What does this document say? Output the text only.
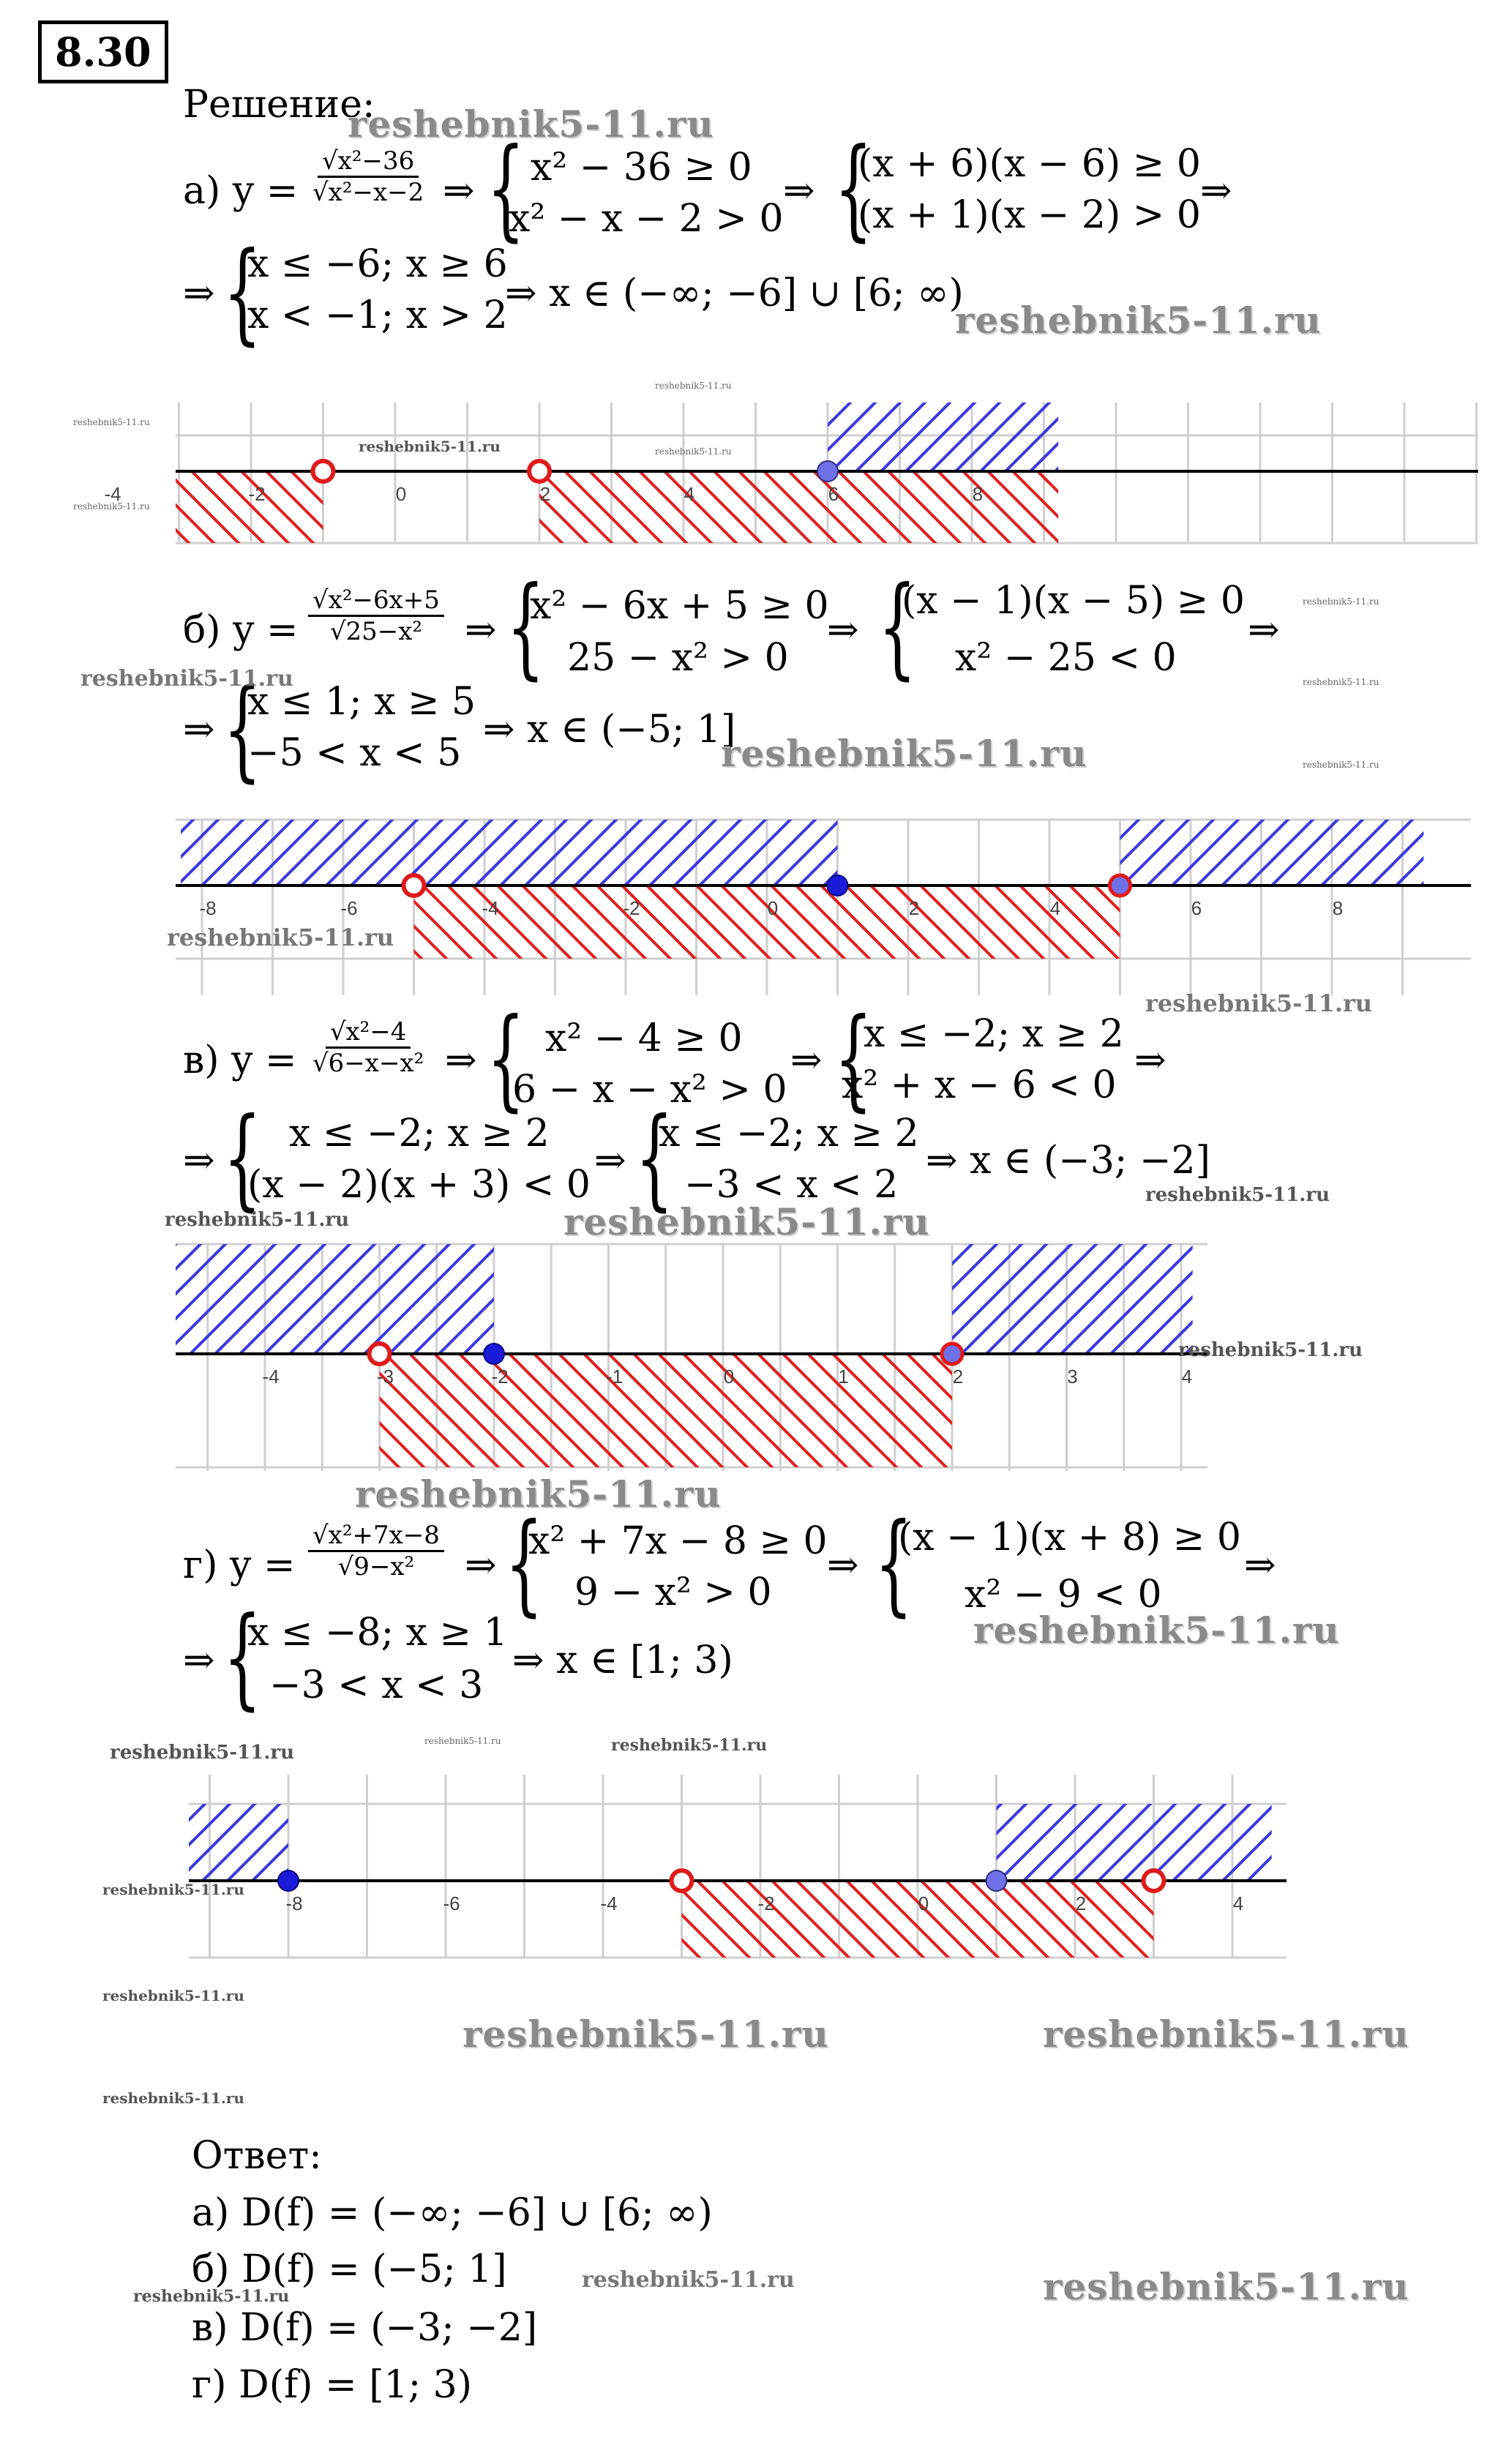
8.30
Решение:
а) $y = \frac{\text{√x²−36}}{\text{√x²−x−2}}$ ⇒ { x² − 36 ≥ 0
x² − x − 2 > 0
⇒ {
(x + 6)(x − 6) ≥ 0
(x + 1)(x − 2) > 0
⇒
⇒ {
x ≤ −6; x ≥ 6
x < −1; x > 2
⇒ x ∈ (−∞; −6] ∪ [6; ∞)
б) $y = \frac{\text{√x²−6x+5}}{\text{√25−x²}}$ ⇒ {
x² − 6x + 5 ≥ 0
25 − x² > 0
⇒ {
(x − 1)(x − 5) ≥ 0
x² − 25 < 0
⇒
⇒ {
x ≤ 1; x ≥ 5
−5 < x < 5
⇒ x ∈ (−5; 1]
в) $y = \frac{\text{√x²−4}}{\text{√6−x−x²}}$ ⇒ { x² − 4 ≥ 0
6 − x − x² > 0
⇒ {
x ≤ −2; x ≥ 2
x² + x − 6 < 0
⇒
⇒ { x ≤ −2; x ≥ 2
(x − 2)(x + 3) < 0
⇒ {
x ≤ −2; x ≥ 2
−3 < x < 2
⇒ x ∈ (−3; −2]
г) $y = \frac{\text{√x²+7x−8}}{\text{√9−x²}}$ ⇒ {
x² + 7x − 8 ≥ 0
9 − x² > 0
⇒ {
(x − 1)(x + 8) ≥ 0
x² − 9 < 0
⇒
⇒ {
x ≤ −8; x ≥ 1
−3 < x < 3
⇒ x ∈ [1; 3)
-4	-2	0	2	4	6	8
-8	-6	-4	-2	0	2	4	6	8
-4	-3	-2	-1	0	1	2	3	4
-8	-6	-4	-2	0	2	4
Ответ:
а) D(f) = (−∞; −6] ∪ [6; ∞)
б) D(f) = (−5; 1]
в) D(f) = (−3; −2]
г) D(f) = [1; 3)
reshebnik5-11.ru
reshebnik5-11.ru
reshebnik5-11.ru
reshebnik5-11.ru
reshebnik5-11.ru
reshebnik5-11.ru
reshebnik5-11.ru
reshebnik5-11.ru
reshebnik5-11.ru
reshebnik5-11.ru
reshebnik5-11.ru
reshebnik5-11.ru
reshebnik5-11.ru
reshebnik5-11.ru
reshebnik5-11.ru	reshebnik5-11.ru
reshebnik5-11.ru
reshebnik5-11.ru
reshebnik5-11.ru
reshebnik5-11.ru
reshebnik5-11.ru
reshebnik5-11.ru	reshebnik5-11.ru
reshebnik5-11.ru
reshebnik5-11.ru
reshebnik5-11.ru	reshebnik5-11.ru
reshebnik5-11.ru
reshebnik5-11.ru
reshebnik5-11.ru	reshebnik5-11.ru
